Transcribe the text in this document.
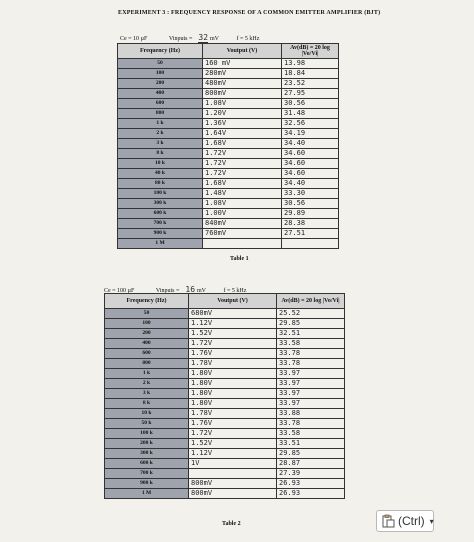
EXPERIMENT 3 : FREQUENCY RESPONSE OF A COMMON EMITTER AMPLIFIER (BJT)
Ce = 10 µF	Vinputs = 32 mV	f = 5 kHz
Frequency (Hz)	Voutput (V)	Av(dB) = 20 log |Vo/Vi|
50	160 mV	13.98
100	280mV	18.84
200	480mV	23.52
400	800mV	27.95
600	1.08V	30.56
800	1.20V	31.48
1 k	1.36V	32.56
2 k	1.64V	34.19
3 k	1.68V	34.40
8 k	1.72V	34.60
10 k	1.72V	34.60
40 k	1.72V	34.60
80 k	1.68V	34.40
100 k	1.48V	33.30
300 k	1.08V	30.56
600 k	1.00V	29.89
700 k	840mV	28.38
900 k	760mV	27.51
1 M		
Table 1
Ce = 100 µF	Vinputs = 16 mV	f = 5 kHz
Frequency (Hz)	Voutput (V)	Av(dB) = 20 log |Vo/Vi|
50	680mV	25.52
100	1.12V	29.85
200	1.52V	32.51
400	1.72V	33.58
600	1.76V	33.78
800	1.78V	33.78
1 k	1.80V	33.97
2 k	1.80V	33.97
3 k	1.80V	33.97
8 k	1.80V	33.97
10 k	1.78V	33.88
50 k	1.76V	33.78
100 k	1.72V	33.58
200 k	1.52V	33.51
300 k	1.12V	29.85
600 k	1V	28.87
700 k		27.39
900 k	800mV	26.93
1 M	800mV	26.93
Table 2	(Ctrl) ▾
